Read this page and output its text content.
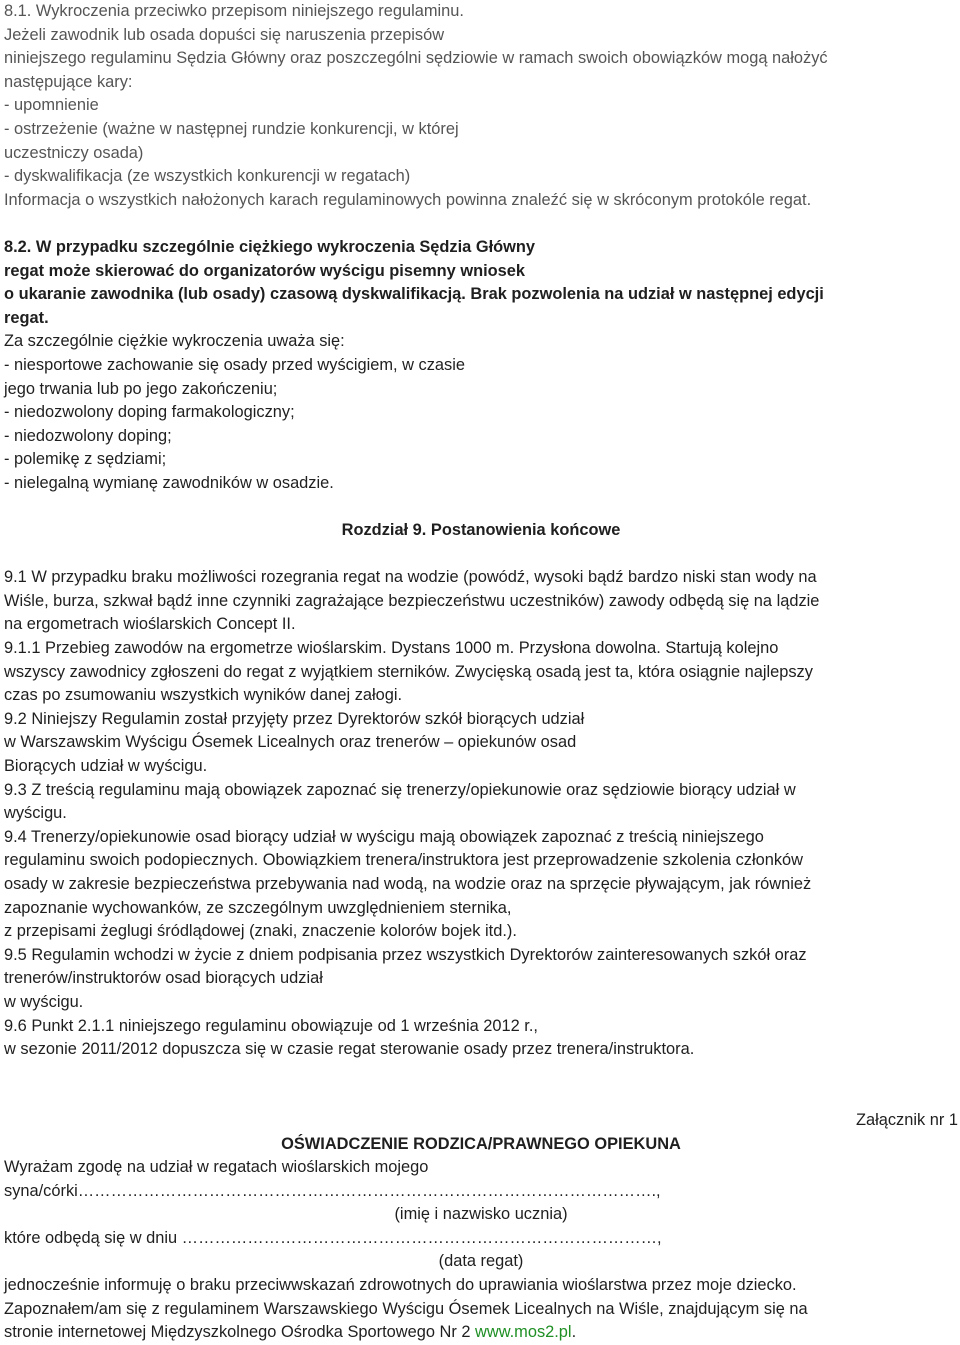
8.1. Wykroczenia przeciwko przepisom niniejszego regulaminu.
Jeżeli zawodnik lub osada dopuści się naruszenia przepisów
niniejszego regulaminu Sędzia Główny oraz poszczególni sędziowie w ramach swoich obowiązków mogą nałożyć
następujące kary:
- upomnienie
- ostrzeżenie (ważne w następnej rundzie konkurencji, w której
uczestniczy osada)
- dyskwalifikacja (ze wszystkich konkurencji w regatach)
Informacja o wszystkich nałożonych karach regulaminowych powinna znaleźć się w skróconym protokóle regat.
8.2. W przypadku szczególnie ciężkiego wykroczenia Sędzia Główny
regat może skierować do organizatorów wyścigu pisemny wniosek
o ukaranie zawodnika (lub osady) czasową dyskwalifikacją. Brak pozwolenia na udział w następnej edycji
regat.
Za szczególnie ciężkie wykroczenia uważa się:
- niesportowe zachowanie się osady przed wyścigiem, w czasie
jego trwania lub po jego zakończeniu;
- niedozwolony doping farmakologiczny;
- niedozwolony doping;
- polemikę z sędziami;
- nielegalną wymianę zawodników w osadzie.
Rozdział 9. Postanowienia końcowe
9.1 W przypadku braku możliwości rozegrania regat na wodzie (powódź, wysoki bądź bardzo niski stan wody na
Wiśle, burza, szkwał bądź inne czynniki zagrażające bezpieczeństwu uczestników) zawody odbędą się na lądzie
na ergometrach wioślarskich Concept II.
9.1.1 Przebieg zawodów na ergometrze wioślarskim. Dystans 1000 m. Przysłona dowolna. Startują kolejno
wszyscy zawodnicy zgłoszeni do regat z wyjątkiem sterników. Zwycięską osadą jest ta, która osiągnie najlepszy
czas po zsumowaniu wszystkich wyników danej załogi.
9.2 Niniejszy Regulamin został przyjęty przez Dyrektorów szkół biorących udział
w Warszawskim Wyścigu Ósemek Licealnych oraz trenerów – opiekunów osad
Biorących udział w wyścigu.
9.3 Z treścią regulaminu mają obowiązek zapoznać się trenerzy/opiekunowie oraz sędziowie biorący udział w
wyścigu.
9.4 Trenerzy/opiekunowie osad biorący udział w wyścigu mają obowiązek zapoznać z treścią niniejszego
regulaminu swoich podopiecznych. Obowiązkiem trenera/instruktora jest przeprowadzenie szkolenia członków
osady w zakresie bezpieczeństwa przebywania nad wodą, na wodzie oraz na sprzęcie pływającym, jak również
zapoznanie wychowanków, ze szczególnym uwzględnieniem sternika,
z przepisami żeglugi śródlądowej (znaki, znaczenie kolorów bojek itd.).
9.5 Regulamin wchodzi w życie z dniem podpisania przez wszystkich Dyrektorów zainteresowanych szkół oraz
trenerów/instruktorów osad biorących udział
w wyścigu.
9.6 Punkt 2.1.1 niniejszego regulaminu obowiązuje od 1 września 2012 r.,
w sezonie 2011/2012 dopuszcza się w czasie regat sterowanie osady przez trenera/instruktora.
Załącznik nr 1
OŚWIADCZENIE RODZICA/PRAWNEGO OPIEKUNA
Wyrażam zgodę na udział w regatach wioślarskich mojego
syna/córki…………………………………………………………………………………………….,
(imię i nazwisko ucznia)
które odbędą się w dniu ……………………………………………………………………………,
(data regat)
jednocześnie informuję o braku przeciwwskazań zdrowotnych do uprawiania wioślarstwa przez moje dziecko.
Zapoznałem/am się z regulaminem Warszawskiego Wyścigu Ósemek Licealnych na Wiśle, znajdującym się na
stronie internetowej Międzyszkolnego Ośrodka Sportowego Nr 2 www.mos2.pl.
